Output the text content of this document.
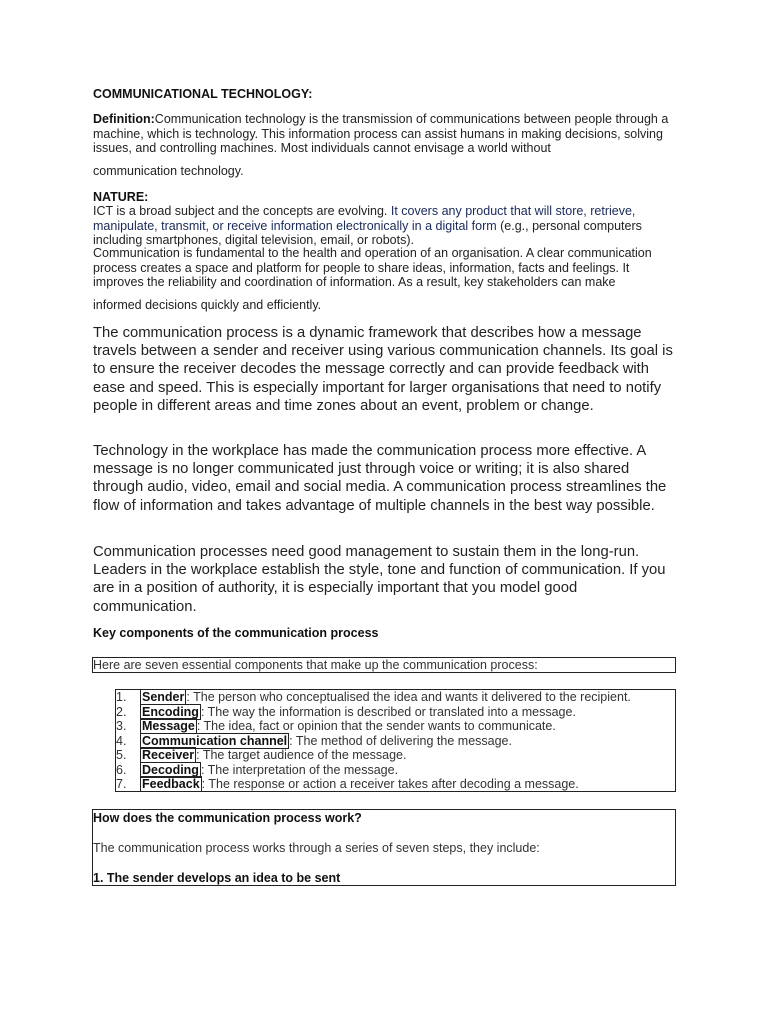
COMMUNICATIONAL TECHNOLOGY:

Definition:Communication technology is the transmission of communications between people through a machine, which is technology. This information process can assist humans in making decisions, solving issues, and controlling machines. Most individuals cannot envisage a world without

communication technology.

NATURE:

ICT is a broad subject and the concepts are evolving. It covers any product that will store, retrieve, manipulate, transmit, or receive information electronically in a digital form (e.g., personal computers including smartphones, digital television, email, or robots).

Communication is fundamental to the health and operation of an organisation. A clear communication process creates a space and platform for people to share ideas, information, facts and feelings. It improves the reliability and coordination of information. As a result, key stakeholders can make

informed decisions quickly and efficiently.

The communication process is a dynamic framework that describes how a message travels between a sender and receiver using various communication channels. Its goal is to ensure the receiver decodes the message correctly and can provide feedback with ease and speed. This is especially important for larger organisations that need to notify people in different areas and time zones about an event, problem or change.

Technology in the workplace has made the communication process more effective. A message is no longer communicated just through voice or writing; it is also shared through audio, video, email and social media. A communication process streamlines the flow of information and takes advantage of multiple channels in the best way possible.

Communication processes need good management to sustain them in the long-run. Leaders in the workplace establish the style, tone and function of communication. If you are in a position of authority, it is especially important that you model good communication.

Key components of the communication process

Here are seven essential components that make up the communication process:
1. Sender : The person who conceptualised the idea and wants it delivered to the recipient.
2. Encoding : The way the information is described or translated into a message.
3. Message : The idea, fact or opinion that the sender wants to communicate.
4. Communication channel : The method of delivering the message.
5. Receiver : The target audience of the message.
6. Decoding : The interpretation of the message.
7. Feedback : The response or action a receiver takes after decoding a message.
How does the communication process work?
The communication process works through a series of seven steps, they include:
1. The sender develops an idea to be sent
